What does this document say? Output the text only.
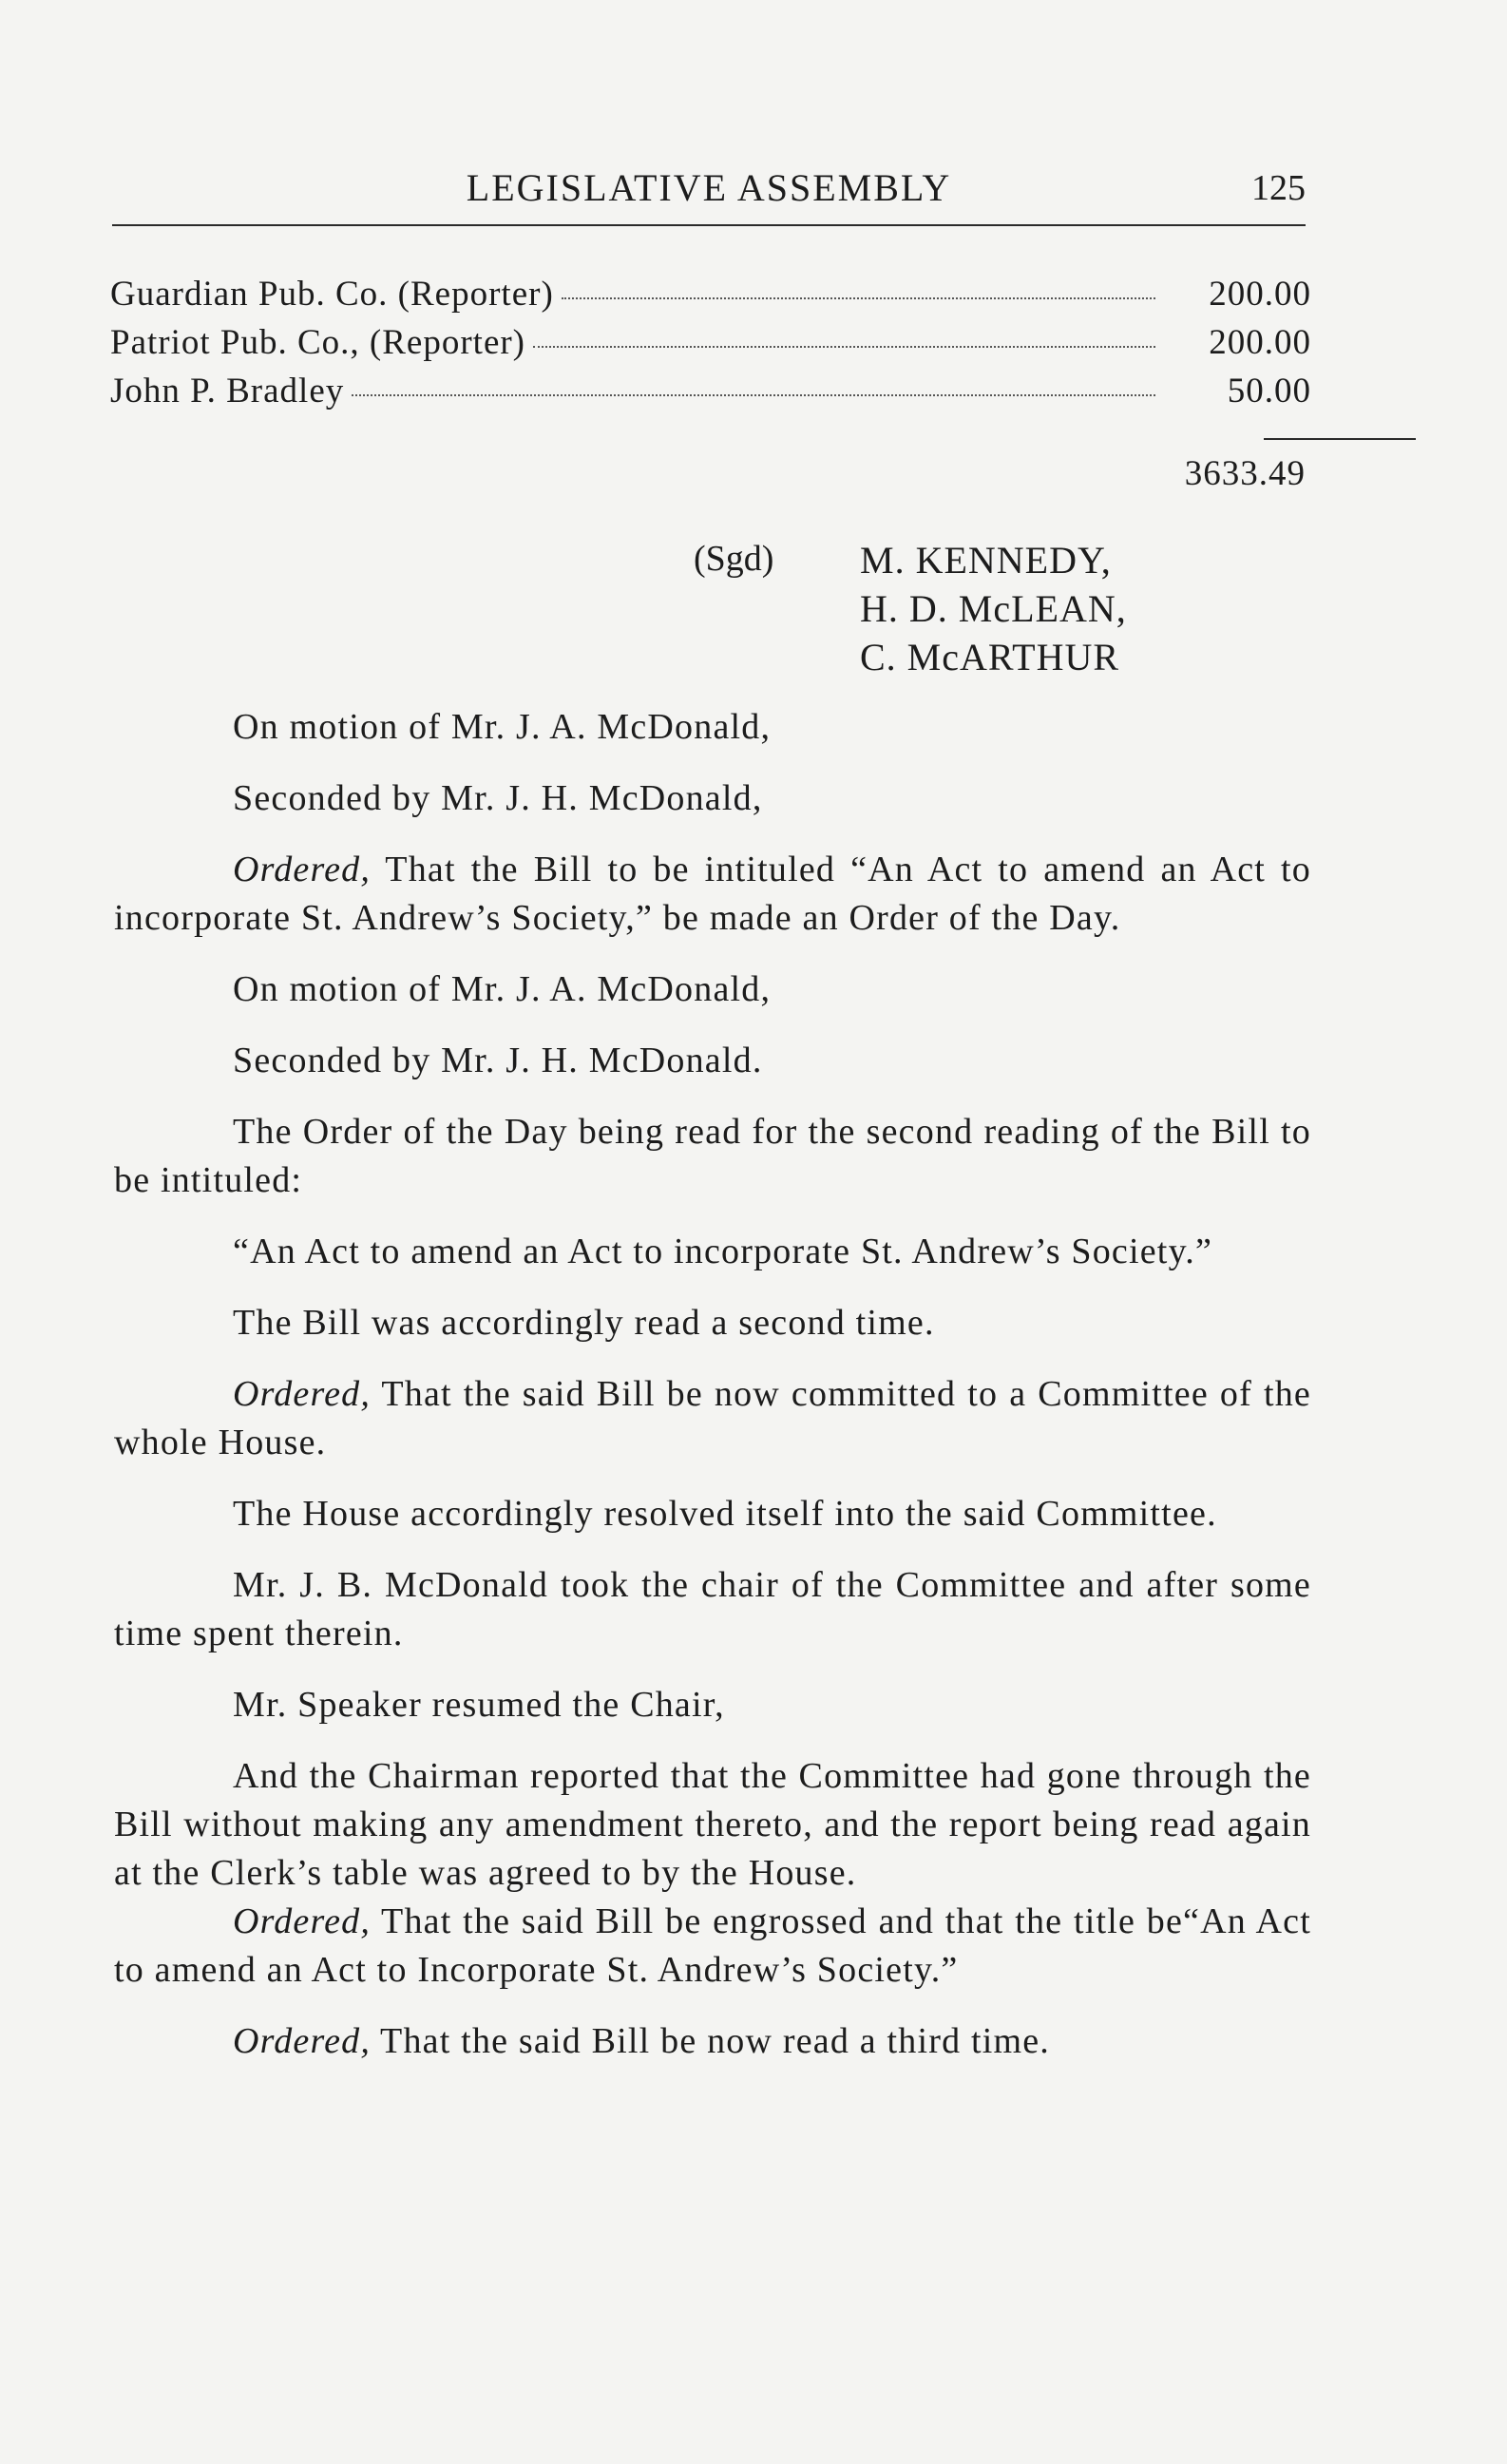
LEGISLATIVE ASSEMBLY	125
Guardian Pub. Co. (Reporter)	200.00
Patriot Pub. Co., (Reporter)	200.00
John P. Bradley	50.00
3633.49
(Sgd) M. KENNEDY,
H. D. McLEAN,
C. McARTHUR

On motion of Mr. J. A. McDonald,

Seconded by Mr. J. H. McDonald,

Ordered, That the Bill to be intituled “An Act to amend an Act to incorporate St. Andrew’s Society,” be made an Order of the Day.

On motion of Mr. J. A. McDonald,

Seconded by Mr. J. H. McDonald.

The Order of the Day being read for the second reading of the Bill to be intituled:

“An Act to amend an Act to incorporate St. Andrew’s Society.”

The Bill was accordingly read a second time.

Ordered, That the said Bill be now committed to a Committee of the whole House.

The House accordingly resolved itself into the said Committee.

Mr. J. B. McDonald took the chair of the Committee and after some time spent therein.

Mr. Speaker resumed the Chair,

And the Chairman reported that the Committee had gone through the Bill without making any amendment thereto, and the report being read again at the Clerk’s table was agreed to by the House.

Ordered, That the said Bill be engrossed and that the title be“An Act to amend an Act to Incorporate St. Andrew’s Society.”

Ordered, That the said Bill be now read a third time.
